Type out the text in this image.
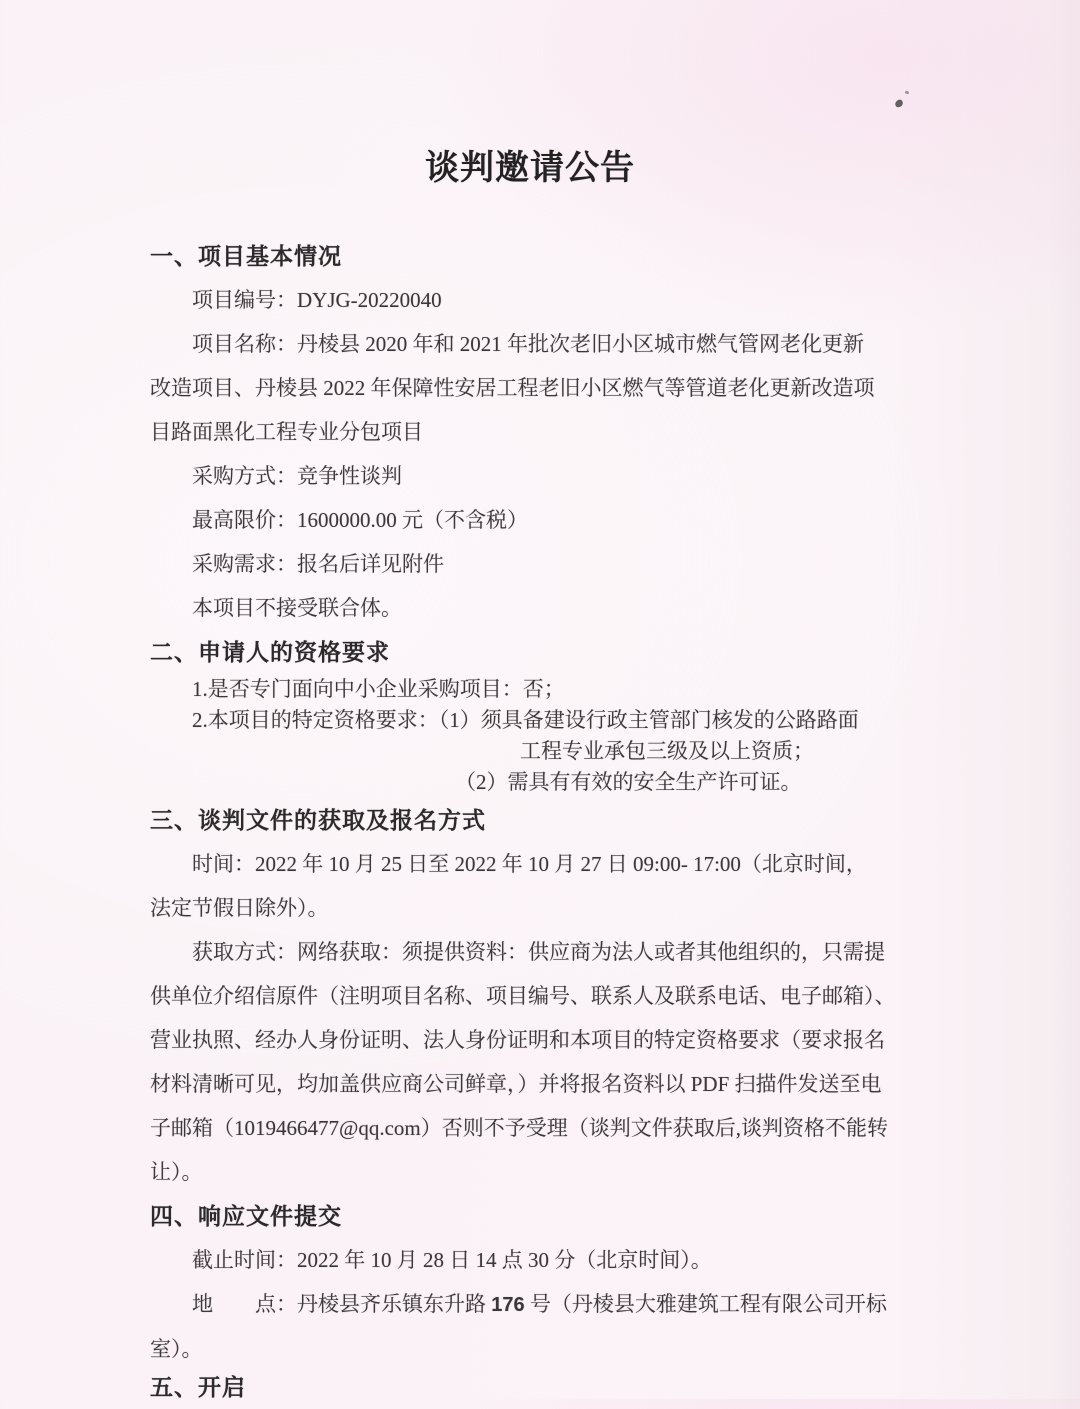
谈判邀请公告
一、项目基本情况
项目编号：DYJG-20220040
项目名称：丹棱县 2020 年和 2021 年批次老旧小区城市燃气管网老化更新
改造项目、丹棱县 2022 年保障性安居工程老旧小区燃气等管道老化更新改造项
目路面黑化工程专业分包项目
采购方式：竞争性谈判
最高限价：1600000.00 元（不含税）
采购需求：报名后详见附件
本项目不接受联合体。
二、申请人的资格要求
1.是否专门面向中小企业采购项目：否；
2.本项目的特定资格要求：（1）须具备建设行政主管部门核发的公路路面
工程专业承包三级及以上资质；
（2）需具有有效的安全生产许可证。
三、谈判文件的获取及报名方式
时间：2022 年 10 月 25 日至 2022 年 10 月 27 日 09:00- 17:00（北京时间，
法定节假日除外）。
获取方式：网络获取：须提供资料：供应商为法人或者其他组织的，只需提
供单位介绍信原件（注明项目名称、项目编号、联系人及联系电话、电子邮箱）、
营业执照、经办人身份证明、法人身份证明和本项目的特定资格要求（要求报名
材料清晰可见，均加盖供应商公司鲜章，）并将报名资料以 PDF 扫描件发送至电
子邮箱（1019466477@qq.com）否则不予受理（谈判文件获取后,谈判资格不能转
让）。
四、响应文件提交
截止时间：2022 年 10 月 28 日 14 点 30 分（北京时间）。
地　　点：丹棱县齐乐镇东升路 176 号（丹棱县大雅建筑工程有限公司开标
室）。
五、开启
